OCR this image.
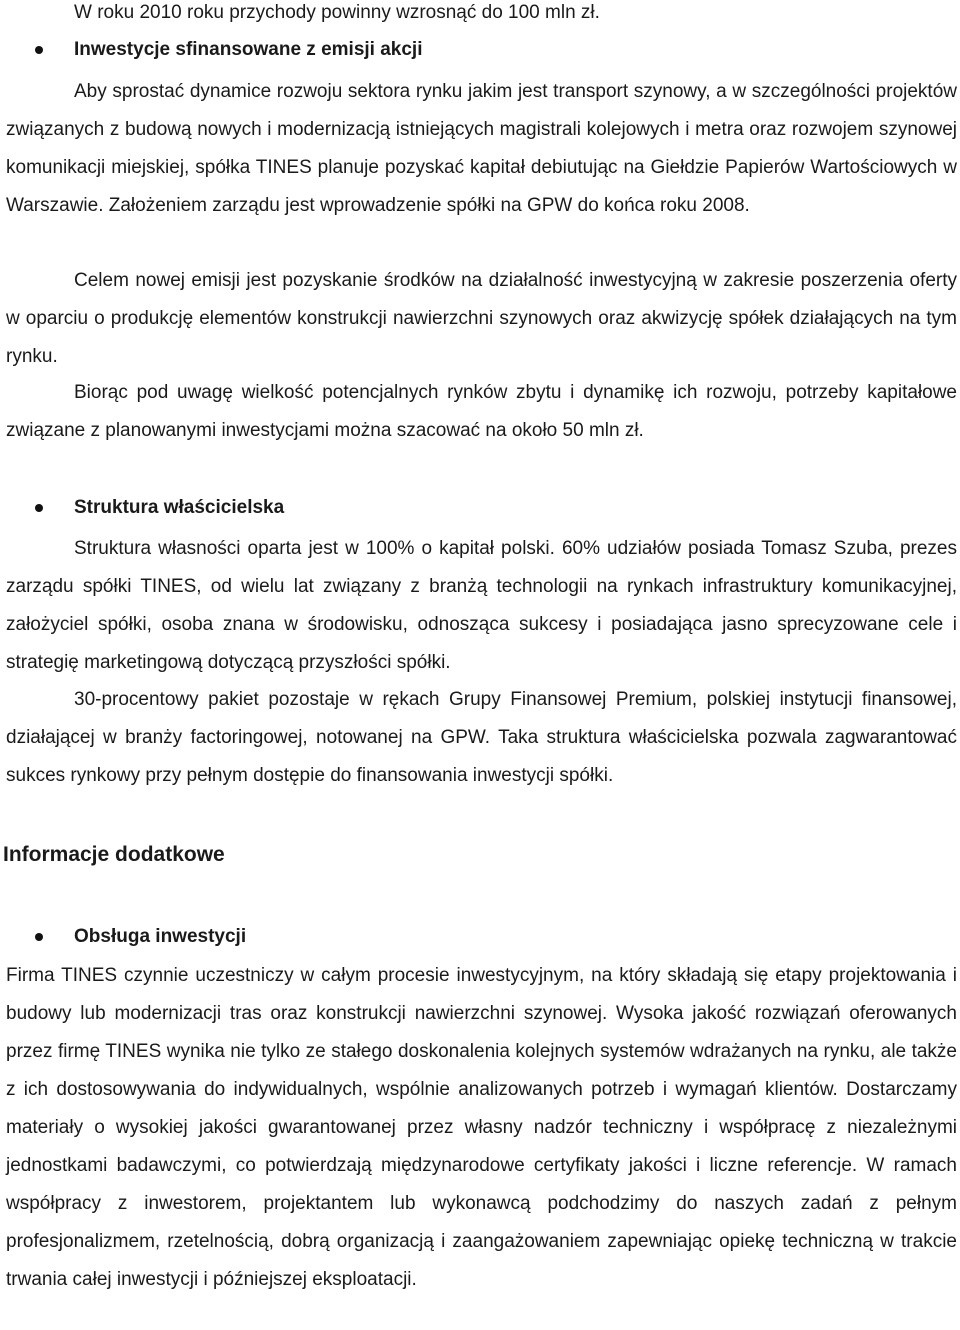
W roku 2010 roku przychody powinny wzrosnąć do 100 mln zł.

Inwestycje sfinansowane z emisji akcji

Aby sprostać dynamice rozwoju sektora rynku jakim jest transport szynowy, a w szczególności projektów związanych z budową nowych i modernizacją istniejących magistrali kolejowych i metra oraz rozwojem szynowej komunikacji miejskiej, spółka TINES planuje pozyskać kapitał debiutując na Giełdzie Papierów Wartościowych w Warszawie. Założeniem zarządu jest wprowadzenie spółki na GPW do końca roku 2008.

Celem nowej emisji jest pozyskanie środków na działalność inwestycyjną w zakresie poszerzenia oferty w oparciu o produkcję elementów konstrukcji nawierzchni szynowych oraz akwizycję spółek działających na tym rynku.

Biorąc pod uwagę wielkość potencjalnych rynków zbytu i dynamikę ich rozwoju, potrzeby kapitałowe związane z planowanymi inwestycjami można szacować na około 50 mln zł.

Struktura właścicielska

Struktura własności oparta jest w 100% o kapitał polski. 60% udziałów posiada Tomasz Szuba, prezes zarządu spółki TINES, od wielu lat związany z branżą technologii na rynkach infrastruktury komunikacyjnej, założyciel spółki, osoba znana w środowisku, odnosząca sukcesy i posiadająca jasno sprecyzowane cele i strategię marketingową dotyczącą przyszłości spółki.

30-procentowy pakiet pozostaje w rękach Grupy Finansowej Premium, polskiej instytucji finansowej, działającej w branży factoringowej, notowanej na GPW. Taka struktura właścicielska pozwala zagwarantować sukces rynkowy przy pełnym dostępie do finansowania inwestycji spółki.

Informacje dodatkowe
Obsługa inwestycji

Firma TINES czynnie uczestniczy w całym procesie inwestycyjnym, na który składają się etapy projektowania i budowy lub modernizacji tras oraz konstrukcji nawierzchni szynowej. Wysoka jakość rozwiązań oferowanych przez firmę TINES wynika nie tylko ze stałego doskonalenia kolejnych systemów wdrażanych na rynku, ale także z ich dostosowywania do indywidualnych, wspólnie analizowanych potrzeb i wymagań klientów. Dostarczamy materiały o wysokiej jakości gwarantowanej przez własny nadzór techniczny i współpracę z niezależnymi jednostkami badawczymi, co potwierdzają międzynarodowe certyfikaty jakości i liczne referencje. W ramach współpracy z inwestorem, projektantem lub wykonawcą podchodzimy do naszych zadań z pełnym profesjonalizmem, rzetelnością, dobrą organizacją i zaangażowaniem zapewniając opiekę techniczną w trakcie trwania całej inwestycji i późniejszej eksploatacji.
